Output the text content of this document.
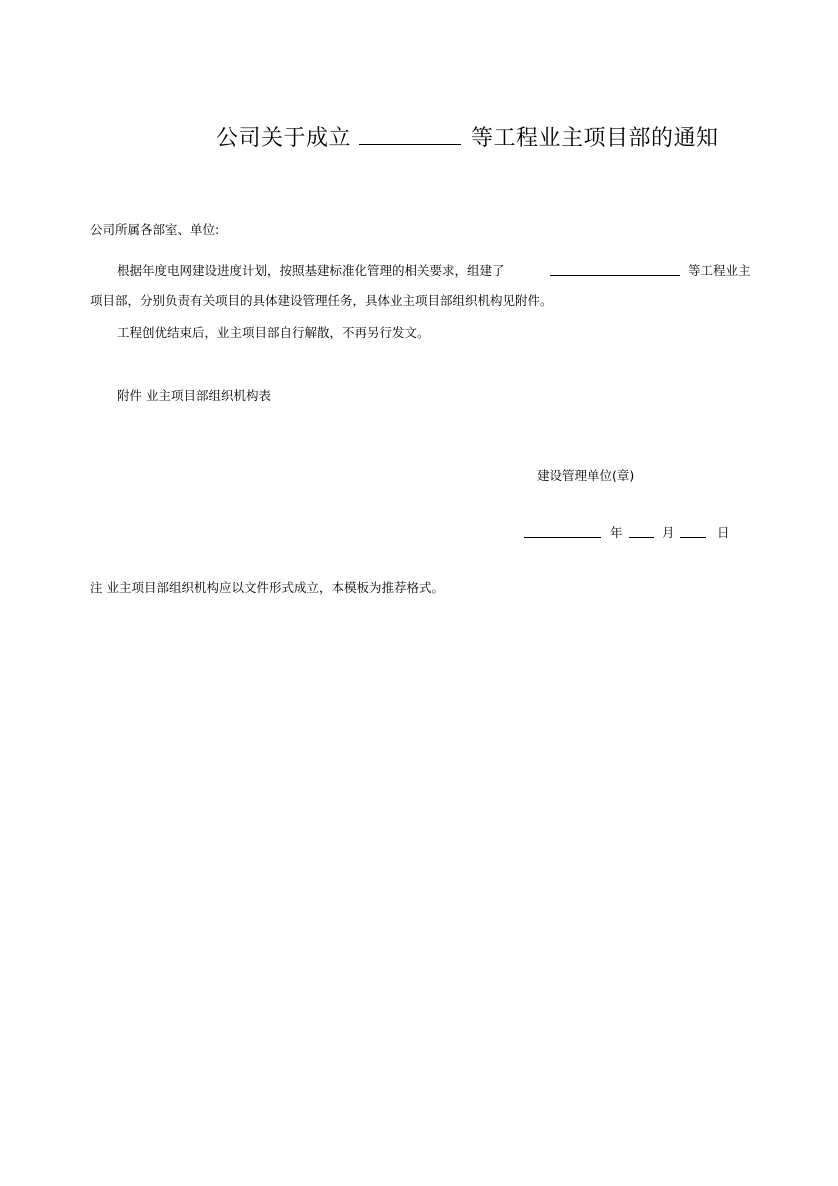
公司关于成立	等工程业主项目部的通知
公司所属各部室、单位:
根据年度电网建设进度计划，按照基建标准化管理的相关要求，组建了	等工程业主
项目部，分别负责有关项目的具体建设管理任务，具体业主项目部组织机构见附件。
工程创优结束后，业主项目部自行解散，不再另行发文。
附件 业主项目部组织机构表
建设管理单位(章)
年	月	日
注 业主项目部组织机构应以文件形式成立，本模板为推荐格式。
